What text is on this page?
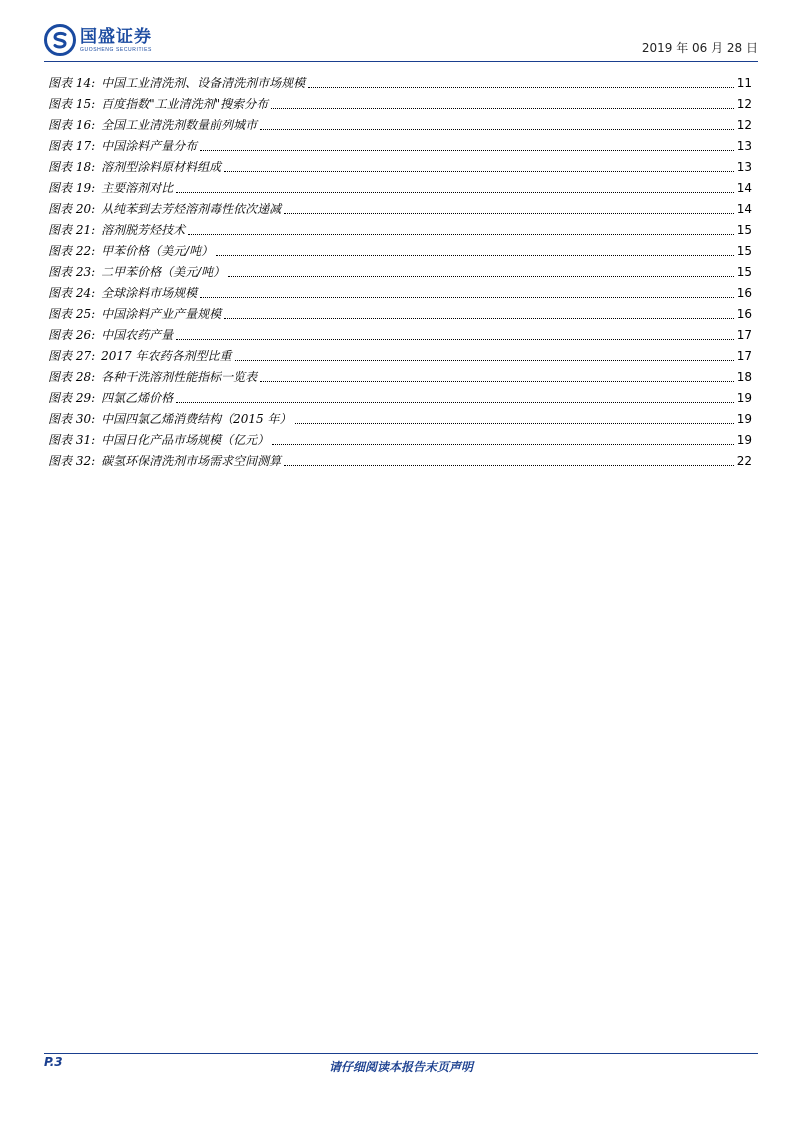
国盛证券
GUOSHENG SECURITIES	2019 年 06 月 28 日
图表 14: 中国工业清洗剂、设备清洗剂市场规模	11
图表 15: 百度指数"工业清洗剂"搜索分布	12
图表 16: 全国工业清洗剂数量前列城市	12
图表 17: 中国涂料产量分布	13
图表 18: 溶剂型涂料原材料组成	13
图表 19: 主要溶剂对比	14
图表 20: 从纯苯到去芳烃溶剂毒性依次递减	14
图表 21: 溶剂脱芳烃技术	15
图表 22: 甲苯价格（美元/吨）	15
图表 23: 二甲苯价格（美元/吨）	15
图表 24: 全球涂料市场规模	16
图表 25: 中国涂料产业产量规模	16
图表 26: 中国农药产量	17
图表 27: 2017 年农药各剂型比重	17
图表 28: 各种干洗溶剂性能指标一览表	18
图表 29: 四氯乙烯价格	19
图表 30: 中国四氯乙烯消费结构（2015 年）	19
图表 31: 中国日化产品市场规模（亿元）	19
图表 32: 碳氢环保清洗剂市场需求空间测算	22
P.3	请仔细阅读本报告末页声明
